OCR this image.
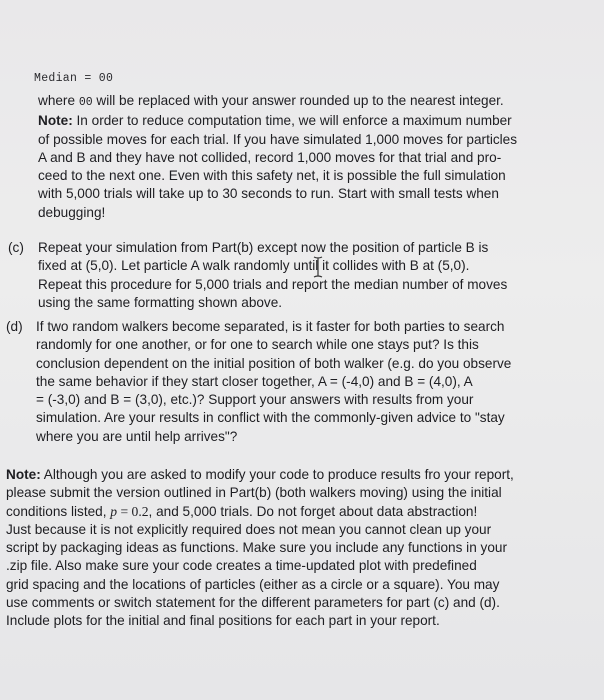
Median = 00
where 00 will be replaced with your answer rounded up to the nearest integer.
Note: In order to reduce computation time, we will enforce a maximum number
of possible moves for each trial. If you have simulated 1,000 moves for particles
A and B and they have not collided, record 1,000 moves for that trial and pro-
ceed to the next one. Even with this safety net, it is possible the full simulation
with 5,000 trials will take up to 30 seconds to run. Start with small tests when
debugging!
(c) Repeat your simulation from Part(b) except now the position of particle B is
fixed at (5,0). Let particle A walk randomly until it collides with B at (5,0).
Repeat this procedure for 5,000 trials and report the median number of moves
using the same formatting shown above.
(d) If two random walkers become separated, is it faster for both parties to search
randomly for one another, or for one to search while one stays put? Is this
conclusion dependent on the initial position of both walker (e.g. do you observe
the same behavior if they start closer together, A = (-4,0) and B = (4,0), A
= (-3,0) and B = (3,0), etc.)? Support your answers with results from your
simulation. Are your results in conflict with the commonly-given advice to "stay
where you are until help arrives"?
Note: Although you are asked to modify your code to produce results fro your report,
please submit the version outlined in Part(b) (both walkers moving) using the initial
conditions listed, p = 0.2, and 5,000 trials. Do not forget about data abstraction!
Just because it is not explicitly required does not mean you cannot clean up your
script by packaging ideas as functions. Make sure you include any functions in your
.zip file. Also make sure your code creates a time-updated plot with predefined
grid spacing and the locations of particles (either as a circle or a square). You may
use comments or switch statement for the different parameters for part (c) and (d).
Include plots for the initial and final positions for each part in your report.
